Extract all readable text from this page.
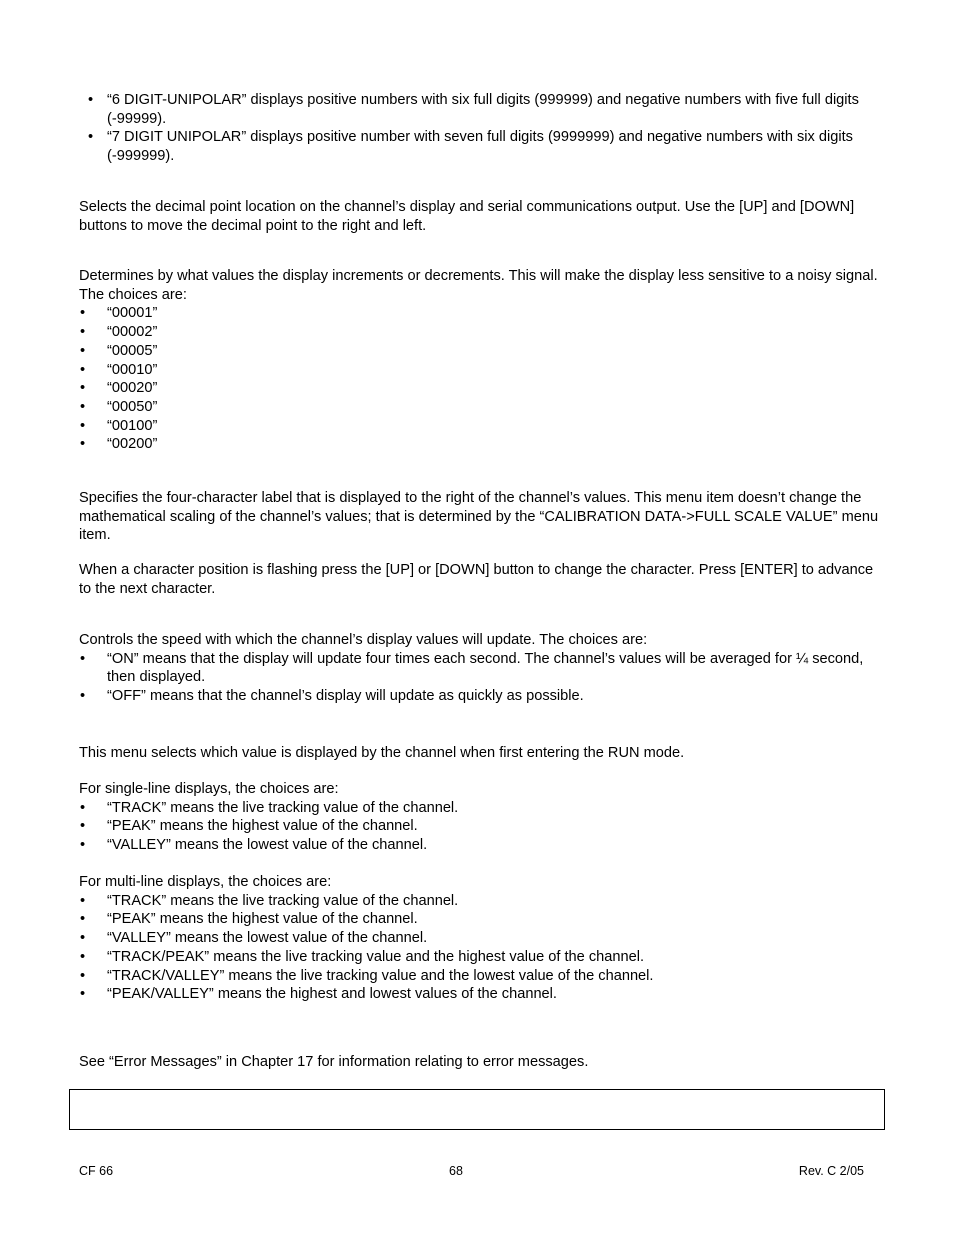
• “6 DIGIT-UNIPOLAR” displays positive numbers with six full digits (999999) and negative numbers with five full digits (-99999).
• “7 DIGIT UNIPOLAR” displays positive number with seven full digits (9999999) and negative numbers with six digits (-999999).

Selects the decimal point location on the channel’s display and serial communications output. Use the [UP] and [DOWN] buttons to move the decimal point to the right and left.

Determines by what values the display increments or decrements. This will make the display less sensitive to a noisy signal. The choices are:

• “00001”
• “00002”
• “00005”
• “00010”
• “00020”
• “00050”
• “00100”
• “00200”

Specifies the four-character label that is displayed to the right of the channel’s values. This menu item doesn’t change the mathematical scaling of the channel’s values; that is determined by the “CALIBRATION DATA->FULL SCALE VALUE” menu item.

When a character position is flashing press the [UP] or [DOWN] button to change the character. Press [ENTER] to advance to the next character.

Controls the speed with which the channel’s display values will update. The choices are:

• “ON” means that the display will update four times each second. The channel’s values will be averaged for ¼ second, then displayed.
• “OFF” means that the channel’s display will update as quickly as possible.

This menu selects which value is displayed by the channel when first entering the RUN mode.

For single-line displays, the choices are:

• “TRACK” means the live tracking value of the channel.
• “PEAK” means the highest value of the channel.
• “VALLEY” means the lowest value of the channel.

For multi-line displays, the choices are:

• “TRACK” means the live tracking value of the channel.
• “PEAK” means the highest value of the channel.
• “VALLEY” means the lowest value of the channel.
• “TRACK/PEAK” means the live tracking value and the highest value of the channel.
• “TRACK/VALLEY” means the live tracking value and the lowest value of the channel.
• “PEAK/VALLEY” means the highest and lowest values of the channel.

See “Error Messages” in Chapter 17 for information relating to error messages.

CF 66	68	Rev. C 2/05
